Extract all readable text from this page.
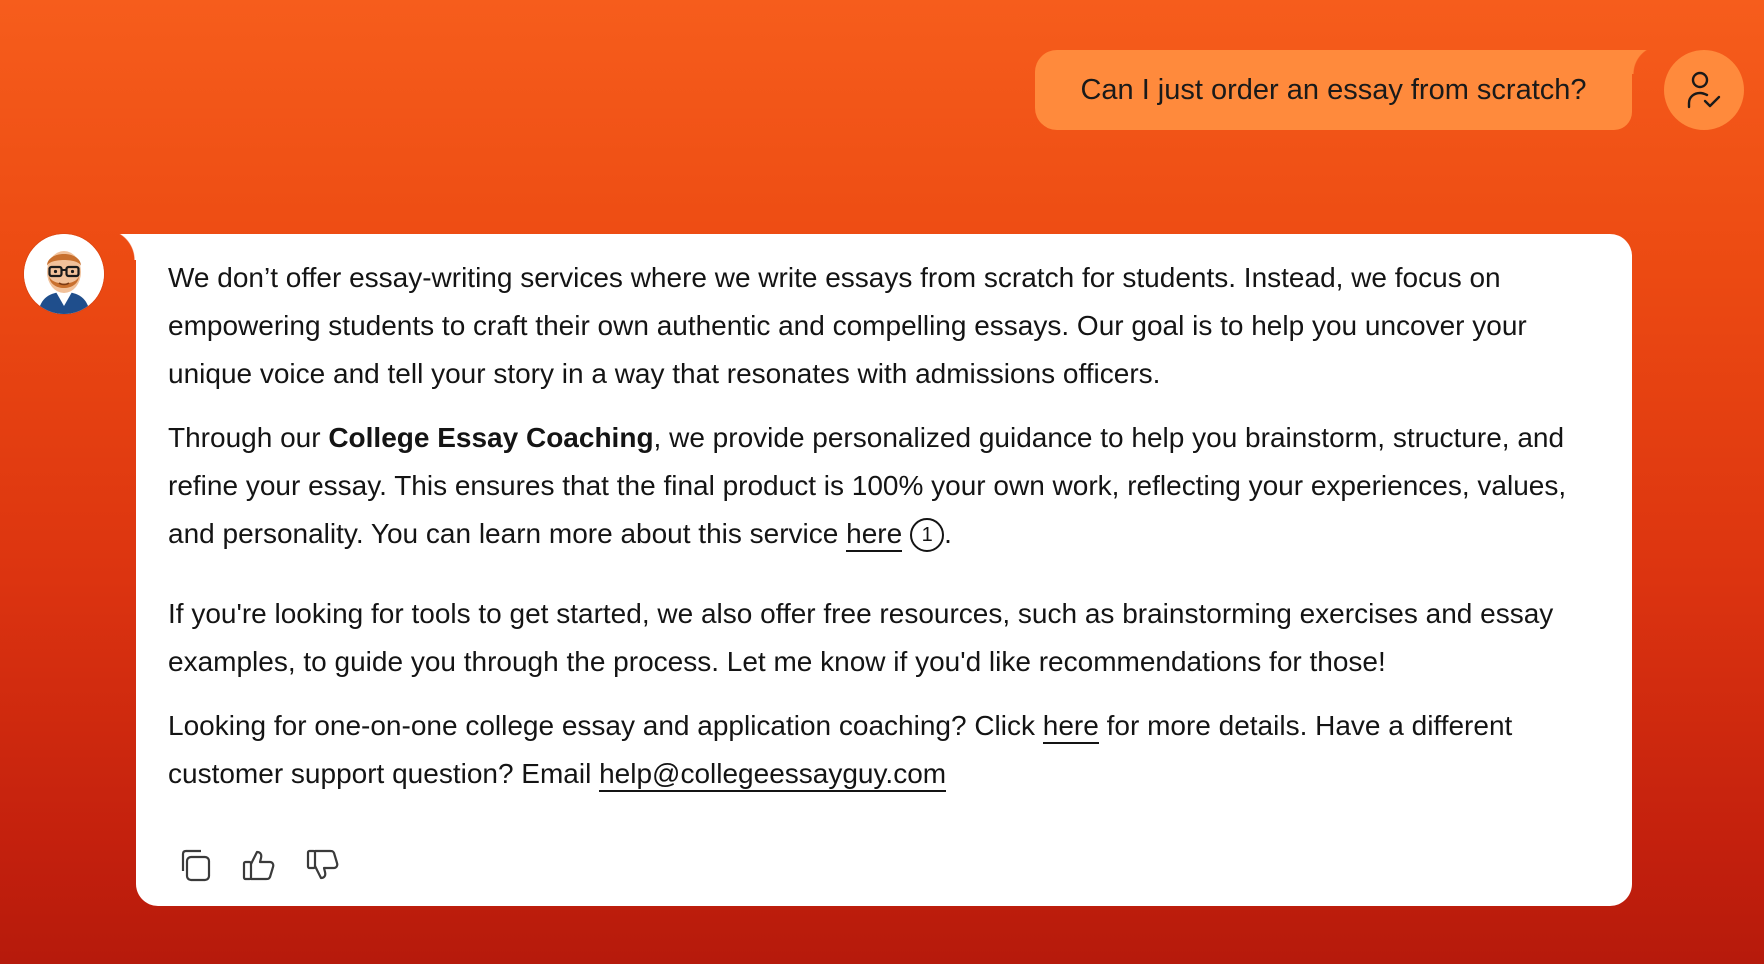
Can I just order an essay from scratch?

We don’t offer essay-writing services where we write essays from scratch for students. Instead, we focus on empowering students to craft their own authentic and compelling essays. Our goal is to help you uncover your unique voice and tell your story in a way that resonates with admissions officers.

Through our College Essay Coaching, we provide personalized guidance to help you brainstorm, structure, and refine your essay. This ensures that the final product is 100% your own work, reflecting your experiences, values, and personality. You can learn more about this service here 1 .

If you're looking for tools to get started, we also offer free resources, such as brainstorming exercises and essay examples, to guide you through the process. Let me know if you'd like recommendations for those!

Looking for one-on-one college essay and application coaching? Click here for more details. Have a different customer support question? Email help@collegeessayguy.com
